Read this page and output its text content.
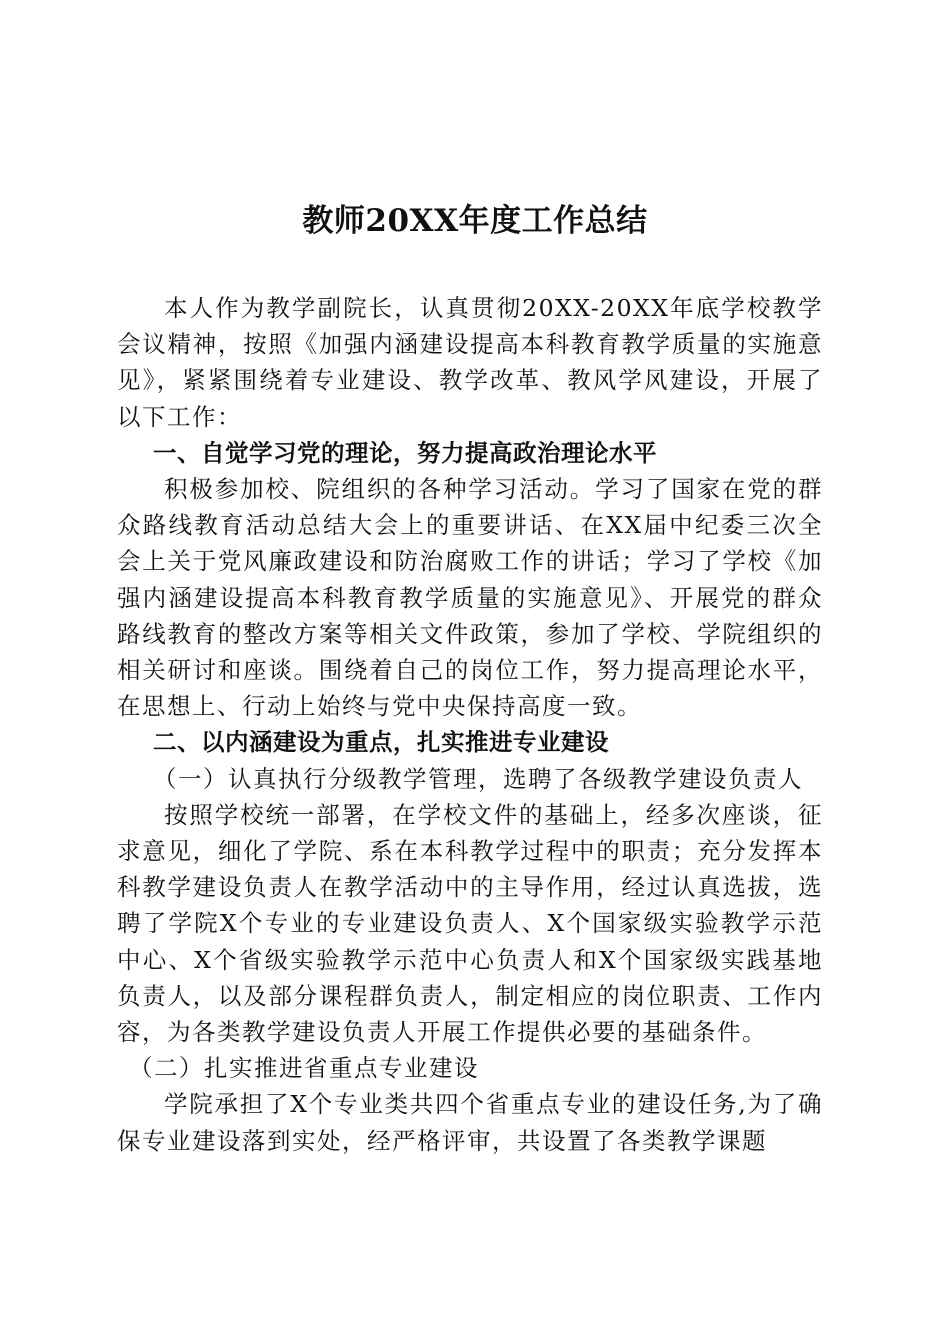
教师20XX年度工作总结

本人作为教学副院长，认真贯彻20XX-20XX年底学校教学会议精神，按照《加强内涵建设提高本科教育教学质量的实施意见》，紧紧围绕着专业建设、教学改革、教风学风建设，开展了以下工作：

一、自觉学习党的理论，努力提高政治理论水平

积极参加校、院组织的各种学习活动。学习了国家在党的群众路线教育活动总结大会上的重要讲话、在XX届中纪委三次全会上关于党风廉政建设和防治腐败工作的讲话；学习了学校《加强内涵建设提高本科教育教学质量的实施意见》、开展党的群众路线教育的整改方案等相关文件政策，参加了学校、学院组织的相关研讨和座谈。围绕着自己的岗位工作，努力提高理论水平，在思想上、行动上始终与党中央保持高度一致。

二、以内涵建设为重点，扎实推进专业建设

（一）认真执行分级教学管理，选聘了各级教学建设负责人

按照学校统一部署，在学校文件的基础上，经多次座谈，征求意见，细化了学院、系在本科教学过程中的职责；充分发挥本科教学建设负责人在教学活动中的主导作用，经过认真选拔，选聘了学院X个专业的专业建设负责人、X个国家级实验教学示范中心、X个省级实验教学示范中心负责人和X个国家级实践基地负责人，以及部分课程群负责人，制定相应的岗位职责、工作内容，为各类教学建设负责人开展工作提供必要的基础条件。

（二）扎实推进省重点专业建设

学院承担了X个专业类共四个省重点专业的建设任务,为了确保专业建设落到实处，经严格评审，共设置了各类教学课题
